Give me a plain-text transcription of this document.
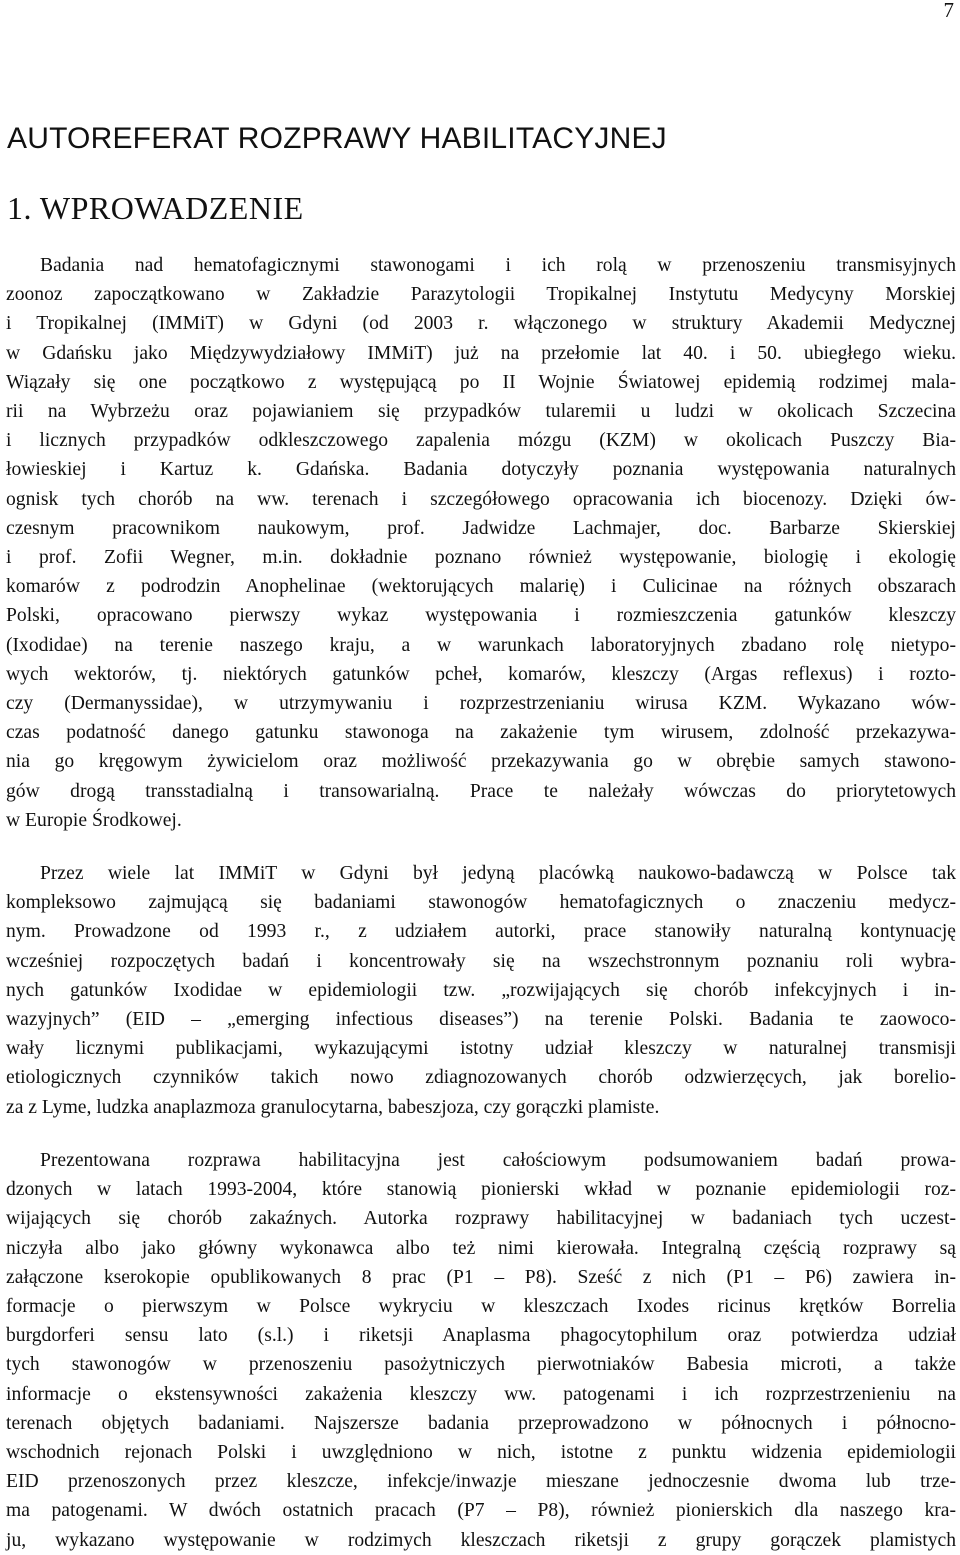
7
AUTOREFERAT ROZPRAWY HABILITACYJNEJ
1. WPROWADZENIE
Badania nad hematofagicznymi stawonogami i ich rolą w przenoszeniu transmisyjnych
zoonoz zapoczątkowano w Zakładzie Parazytologii Tropikalnej Instytutu Medycyny Morskiej
i Tropikalnej (IMMiT) w Gdyni (od 2003 r. włączonego w struktury Akademii Medycznej
w Gdańsku jako Międzywydziałowy IMMiT) już na przełomie lat 40. i 50. ubiegłego wieku.
Wiązały się one początkowo z występującą po II Wojnie Światowej epidemią rodzimej mala-
rii na Wybrzeżu oraz pojawianiem się przypadków tularemii u ludzi w okolicach Szczecina
i licznych przypadków odkleszczowego zapalenia mózgu (KZM) w okolicach Puszczy Bia-
łowieskiej i Kartuz k. Gdańska. Badania dotyczyły poznania występowania naturalnych
ognisk tych chorób na ww. terenach i szczegółowego opracowania ich biocenozy. Dzięki ów-
czesnym pracownikom naukowym, prof. Jadwidze Lachmajer, doc. Barbarze Skierskiej
i prof. Zofii Wegner, m.in. dokładnie poznano również występowanie, biologię i ekologię
komarów z podrodzin Anophelinae (wektorujących malarię) i Culicinae na różnych obszarach
Polski, opracowano pierwszy wykaz występowania i rozmieszczenia gatunków kleszczy
(Ixodidae) na terenie naszego kraju, a w warunkach laboratoryjnych zbadano rolę nietypo-
wych wektorów, tj. niektórych gatunków pcheł, komarów, kleszczy (Argas reflexus) i rozto-
czy (Dermanyssidae), w utrzymywaniu i rozprzestrzenianiu wirusa KZM. Wykazano wów-
czas podatność danego gatunku stawonoga na zakażenie tym wirusem, zdolność przekazywa-
nia go kręgowym żywicielom oraz możliwość przekazywania go w obrębie samych stawono-
gów drogą transstadialną i transowarialną. Prace te należały wówczas do priorytetowych
w Europie Środkowej.
Przez wiele lat IMMiT w Gdyni był jedyną placówką naukowo-badawczą w Polsce tak
kompleksowo zajmującą się badaniami stawonogów hematofagicznych o znaczeniu medycz-
nym. Prowadzone od 1993 r., z udziałem autorki, prace stanowiły naturalną kontynuację
wcześniej rozpoczętych badań i koncentrowały się na wszechstronnym poznaniu roli wybra-
nych gatunków Ixodidae w epidemiologii tzw. „rozwijających się chorób infekcyjnych i in-
wazyjnych” (EID – „emerging infectious diseases”) na terenie Polski. Badania te zaowoco-
wały licznymi publikacjami, wykazującymi istotny udział kleszczy w naturalnej transmisji
etiologicznych czynników takich nowo zdiagnozowanych chorób odzwierzęcych, jak borelio-
za z Lyme, ludzka anaplazmoza granulocytarna, babeszjoza, czy gorączki plamiste.
Prezentowana rozprawa habilitacyjna jest całościowym podsumowaniem badań prowa-
dzonych w latach 1993-2004, które stanowią pionierski wkład w poznanie epidemiologii roz-
wijających się chorób zakaźnych. Autorka rozprawy habilitacyjnej w badaniach tych uczest-
niczyła albo jako główny wykonawca albo też nimi kierowała. Integralną częścią rozprawy są
załączone kserokopie opublikowanych 8 prac (P1 – P8). Sześć z nich (P1 – P6) zawiera in-
formacje o pierwszym w Polsce wykryciu w kleszczach Ixodes ricinus krętków Borrelia
burgdorferi sensu lato (s.l.) i riketsji Anaplasma phagocytophilum oraz potwierdza udział
tych stawonogów w przenoszeniu pasożytniczych pierwotniaków Babesia microti, a także
informacje o ekstensywności zakażenia kleszczy ww. patogenami i ich rozprzestrzenieniu na
terenach objętych badaniami. Najszersze badania przeprowadzono w północnych i północno-
wschodnich rejonach Polski i uwzględniono w nich, istotne z punktu widzenia epidemiologii
EID przenoszonych przez kleszcze, infekcje/inwazje mieszane jednoczesnie dwoma lub trze-
ma patogenami. W dwóch ostatnich pracach (P7 – P8), również pionierskich dla naszego kra-
ju, wykazano występowanie w rodzimych kleszczach riketsji z grupy gorączek plamistych
